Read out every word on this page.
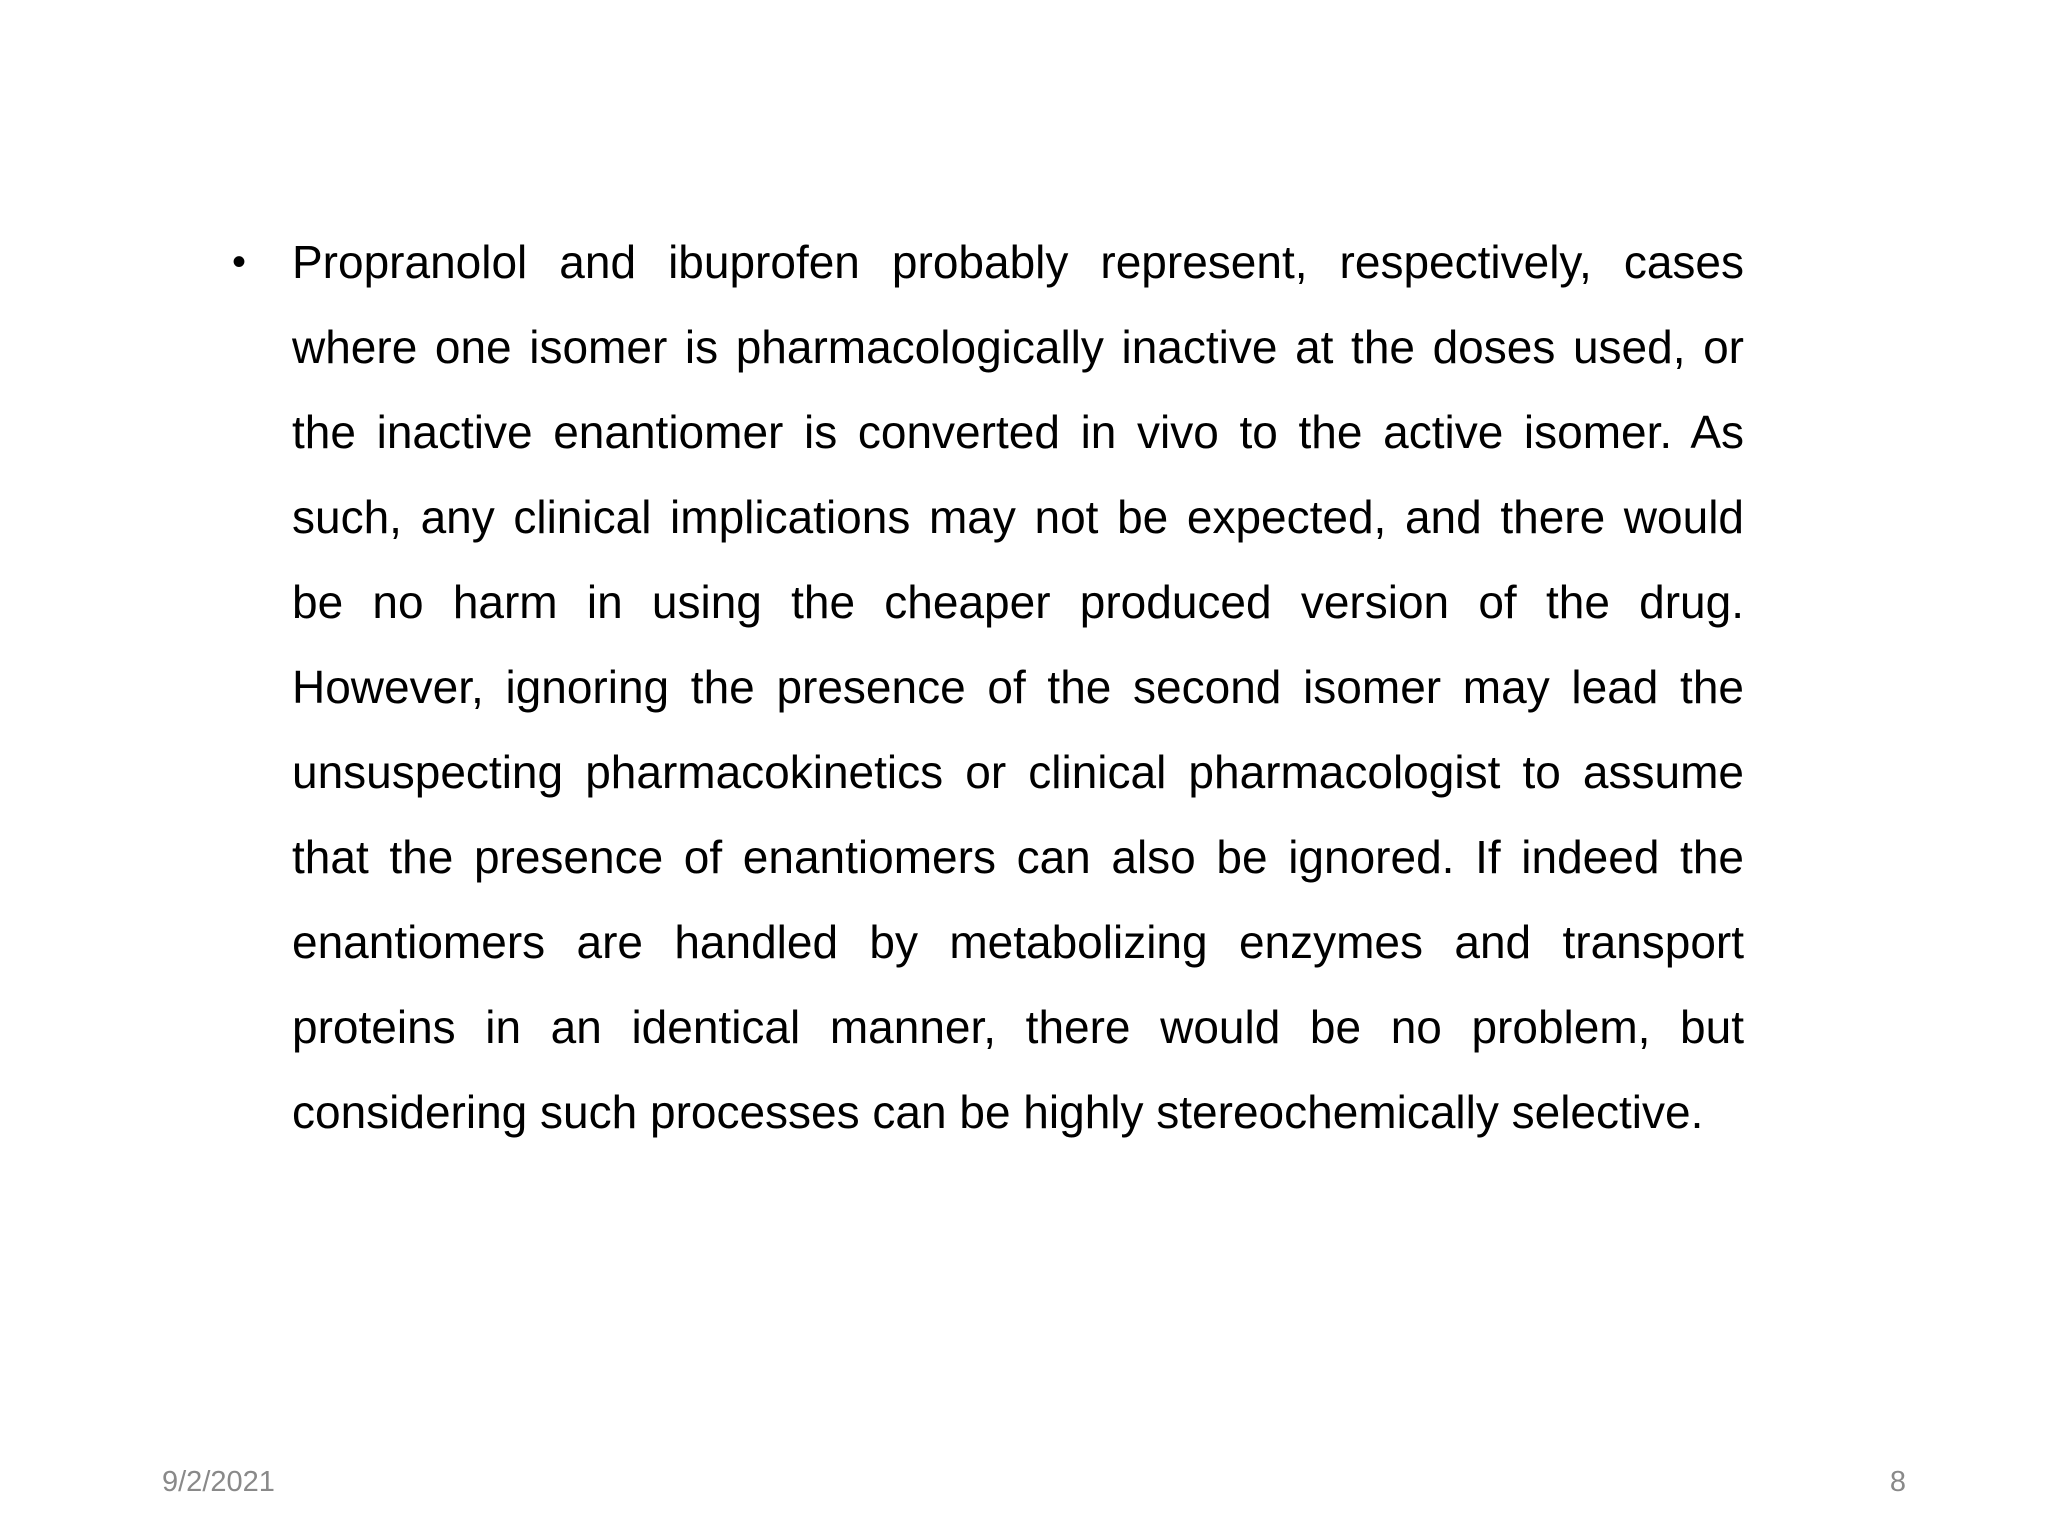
• Propranolol and ibuprofen probably represent, respectively, cases where one isomer is pharmacologically inactive at the doses used, or the inactive enantiomer is converted in vivo to the active isomer. As such, any clinical implications may not be expected, and there would be no harm in using the cheaper produced version of the drug. However, ignoring the presence of the second isomer may lead the unsuspecting pharmacokinetics or clinical pharmacologist to assume that the presence of enantiomers can also be ignored. If indeed the enantiomers are handled by metabolizing enzymes and transport proteins in an identical manner, there would be no problem, but considering such processes can be highly stereochemically selective.
9/2/2021	8
